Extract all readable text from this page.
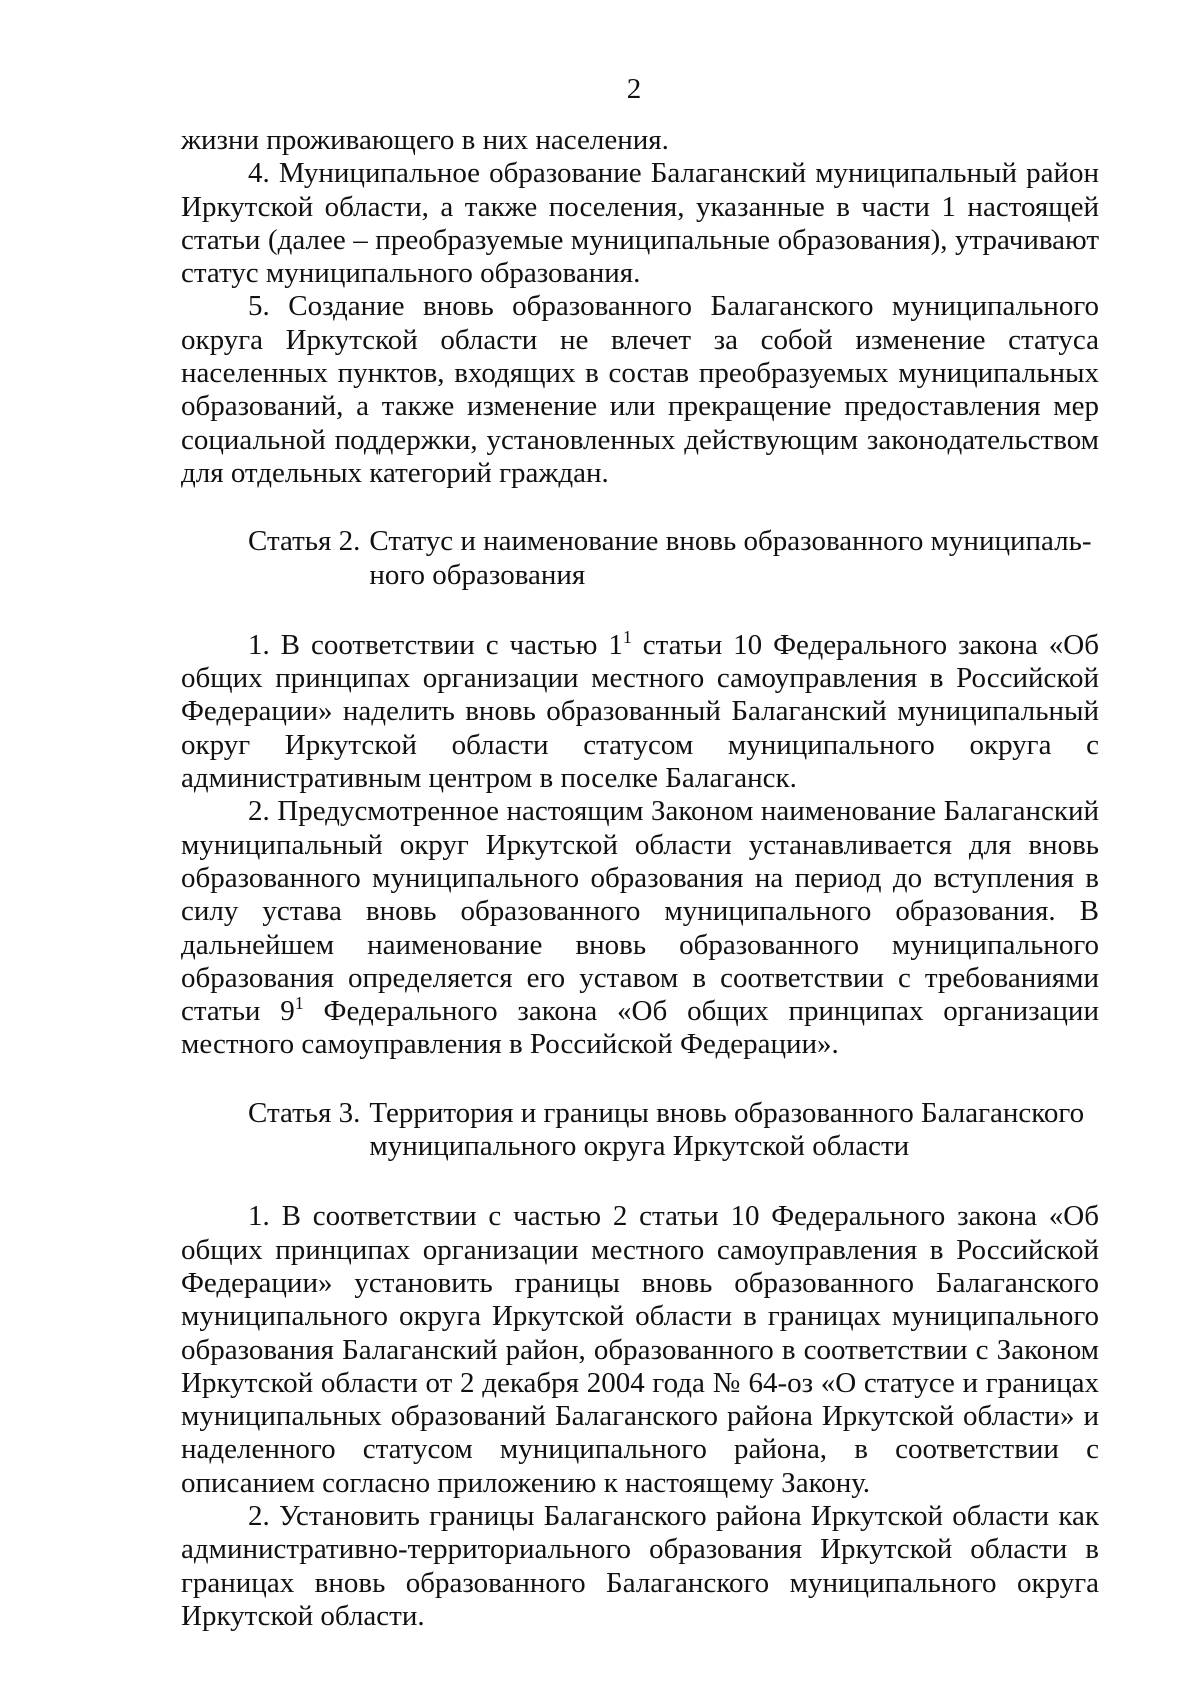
2

жизни проживающего в них населения.

4. Муниципальное образование Балаганский муниципальный район Иркутской области, а также поселения, указанные в части 1 настоящей статьи (далее – преобразуемые муниципальные образования), утрачивают статус муниципального образования.

5. Создание вновь образованного Балаганского муниципального округа Иркутской области не влечет за собой изменение статуса населенных пунктов, входящих в состав преобразуемых муниципальных образований, а также изменение или прекращение предоставления мер социальной поддержки, установленных действующим законодательством для отдельных категорий граждан.

Статья 2. Статус и наименование вновь образованного муниципального образования

1. В соответствии с частью $1^1$ статьи 10 Федерального закона «Об общих принципах организации местного самоуправления в Российской Федерации» наделить вновь образованный Балаганский муниципальный округ Иркутской области статусом муниципального округа с административным центром в поселке Балаганск.

2. Предусмотренное настоящим Законом наименование Балаганский муниципальный округ Иркутской области устанавливается для вновь образованного муниципального образования на период до вступления в силу устава вновь образованного муниципального образования. В дальнейшем наименование вновь образованного муниципального образования определяется его уставом в соответствии с требованиями статьи $9^1$ Федерального закона «Об общих принципах организации местного самоуправления в Российской Федерации».

Статья 3. Территория и границы вновь образованного Балаганского муниципального округа Иркутской области

1. В соответствии с частью 2 статьи 10 Федерального закона «Об общих принципах организации местного самоуправления в Российской Федерации» установить границы вновь образованного Балаганского муниципального округа Иркутской области в границах муниципального образования Балаганский район, образованного в соответствии с Законом Иркутской области от 2 декабря 2004 года № 64-оз «О статусе и границах муниципальных образований Балаганского района Иркутской области» и наделенного статусом муниципального района, в соответствии с описанием согласно приложению к настоящему Закону.

2. Установить границы Балаганского района Иркутской области как административно-территориального образования Иркутской области в границах вновь образованного Балаганского муниципального округа Иркутской области.
